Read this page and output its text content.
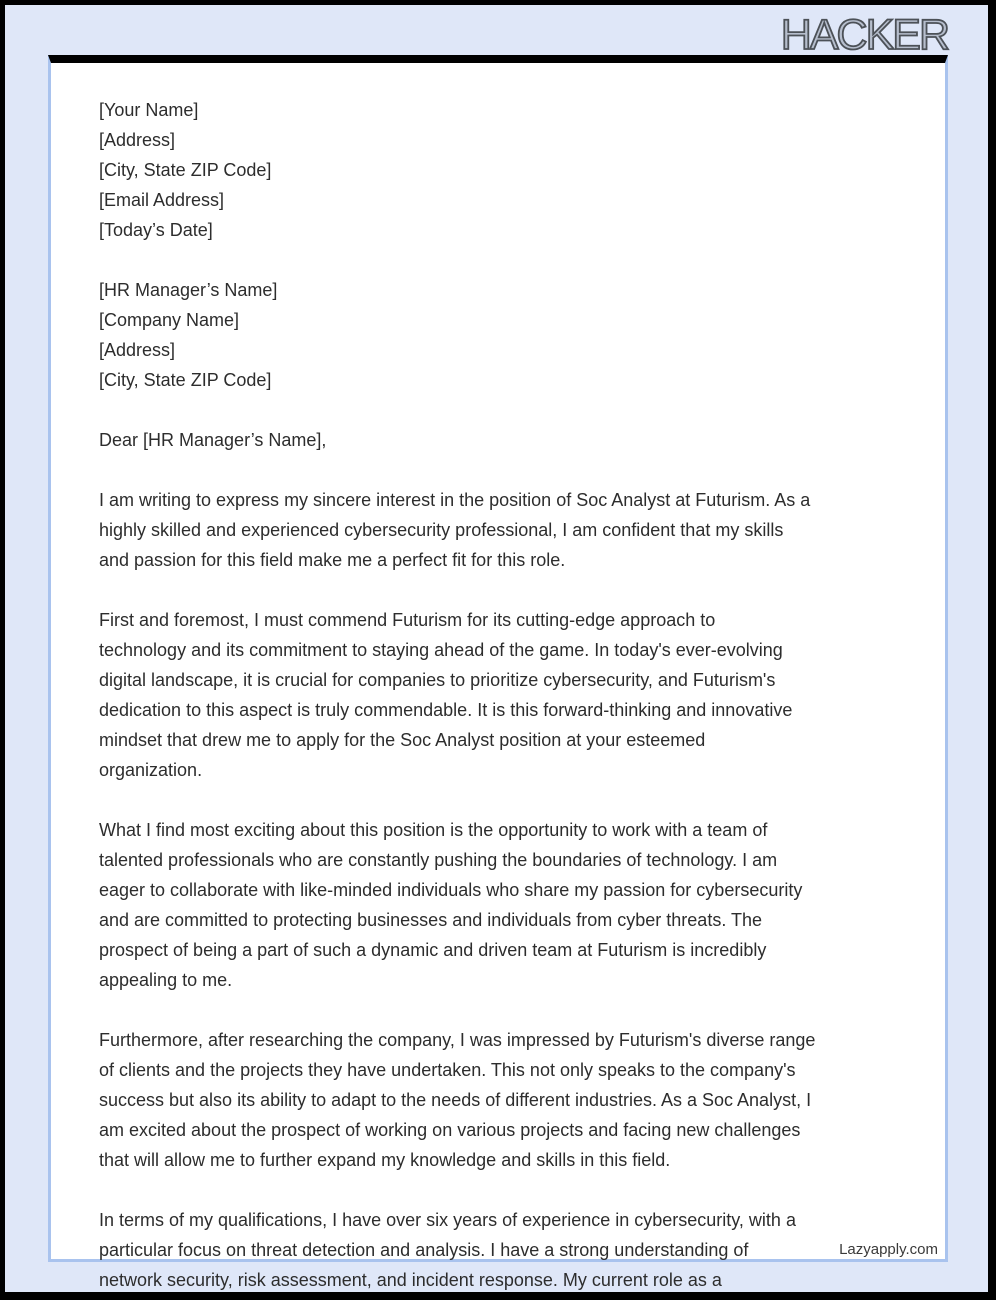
HACKER
[Your Name]
[Address]
[City, State ZIP Code]
[Email Address]
[Today’s Date]
[HR Manager’s Name]
[Company Name]
[Address]
[City, State ZIP Code]
Dear [HR Manager’s Name],
I am writing to express my sincere interest in the position of Soc Analyst at Futurism. As a
highly skilled and experienced cybersecurity professional, I am confident that my skills
and passion for this field make me a perfect fit for this role.
First and foremost, I must commend Futurism for its cutting-edge approach to
technology and its commitment to staying ahead of the game. In today's ever-evolving
digital landscape, it is crucial for companies to prioritize cybersecurity, and Futurism's
dedication to this aspect is truly commendable. It is this forward-thinking and innovative
mindset that drew me to apply for the Soc Analyst position at your esteemed
organization.
What I find most exciting about this position is the opportunity to work with a team of
talented professionals who are constantly pushing the boundaries of technology. I am
eager to collaborate with like-minded individuals who share my passion for cybersecurity
and are committed to protecting businesses and individuals from cyber threats. The
prospect of being a part of such a dynamic and driven team at Futurism is incredibly
appealing to me.
Furthermore, after researching the company, I was impressed by Futurism's diverse range
of clients and the projects they have undertaken. This not only speaks to the company's
success but also its ability to adapt to the needs of different industries. As a Soc Analyst, I
am excited about the prospect of working on various projects and facing new challenges
that will allow me to further expand my knowledge and skills in this field.
In terms of my qualifications, I have over six years of experience in cybersecurity, with a
particular focus on threat detection and analysis. I have a strong understanding of
network security, risk assessment, and incident response. My current role as a
Lazyapply.com
